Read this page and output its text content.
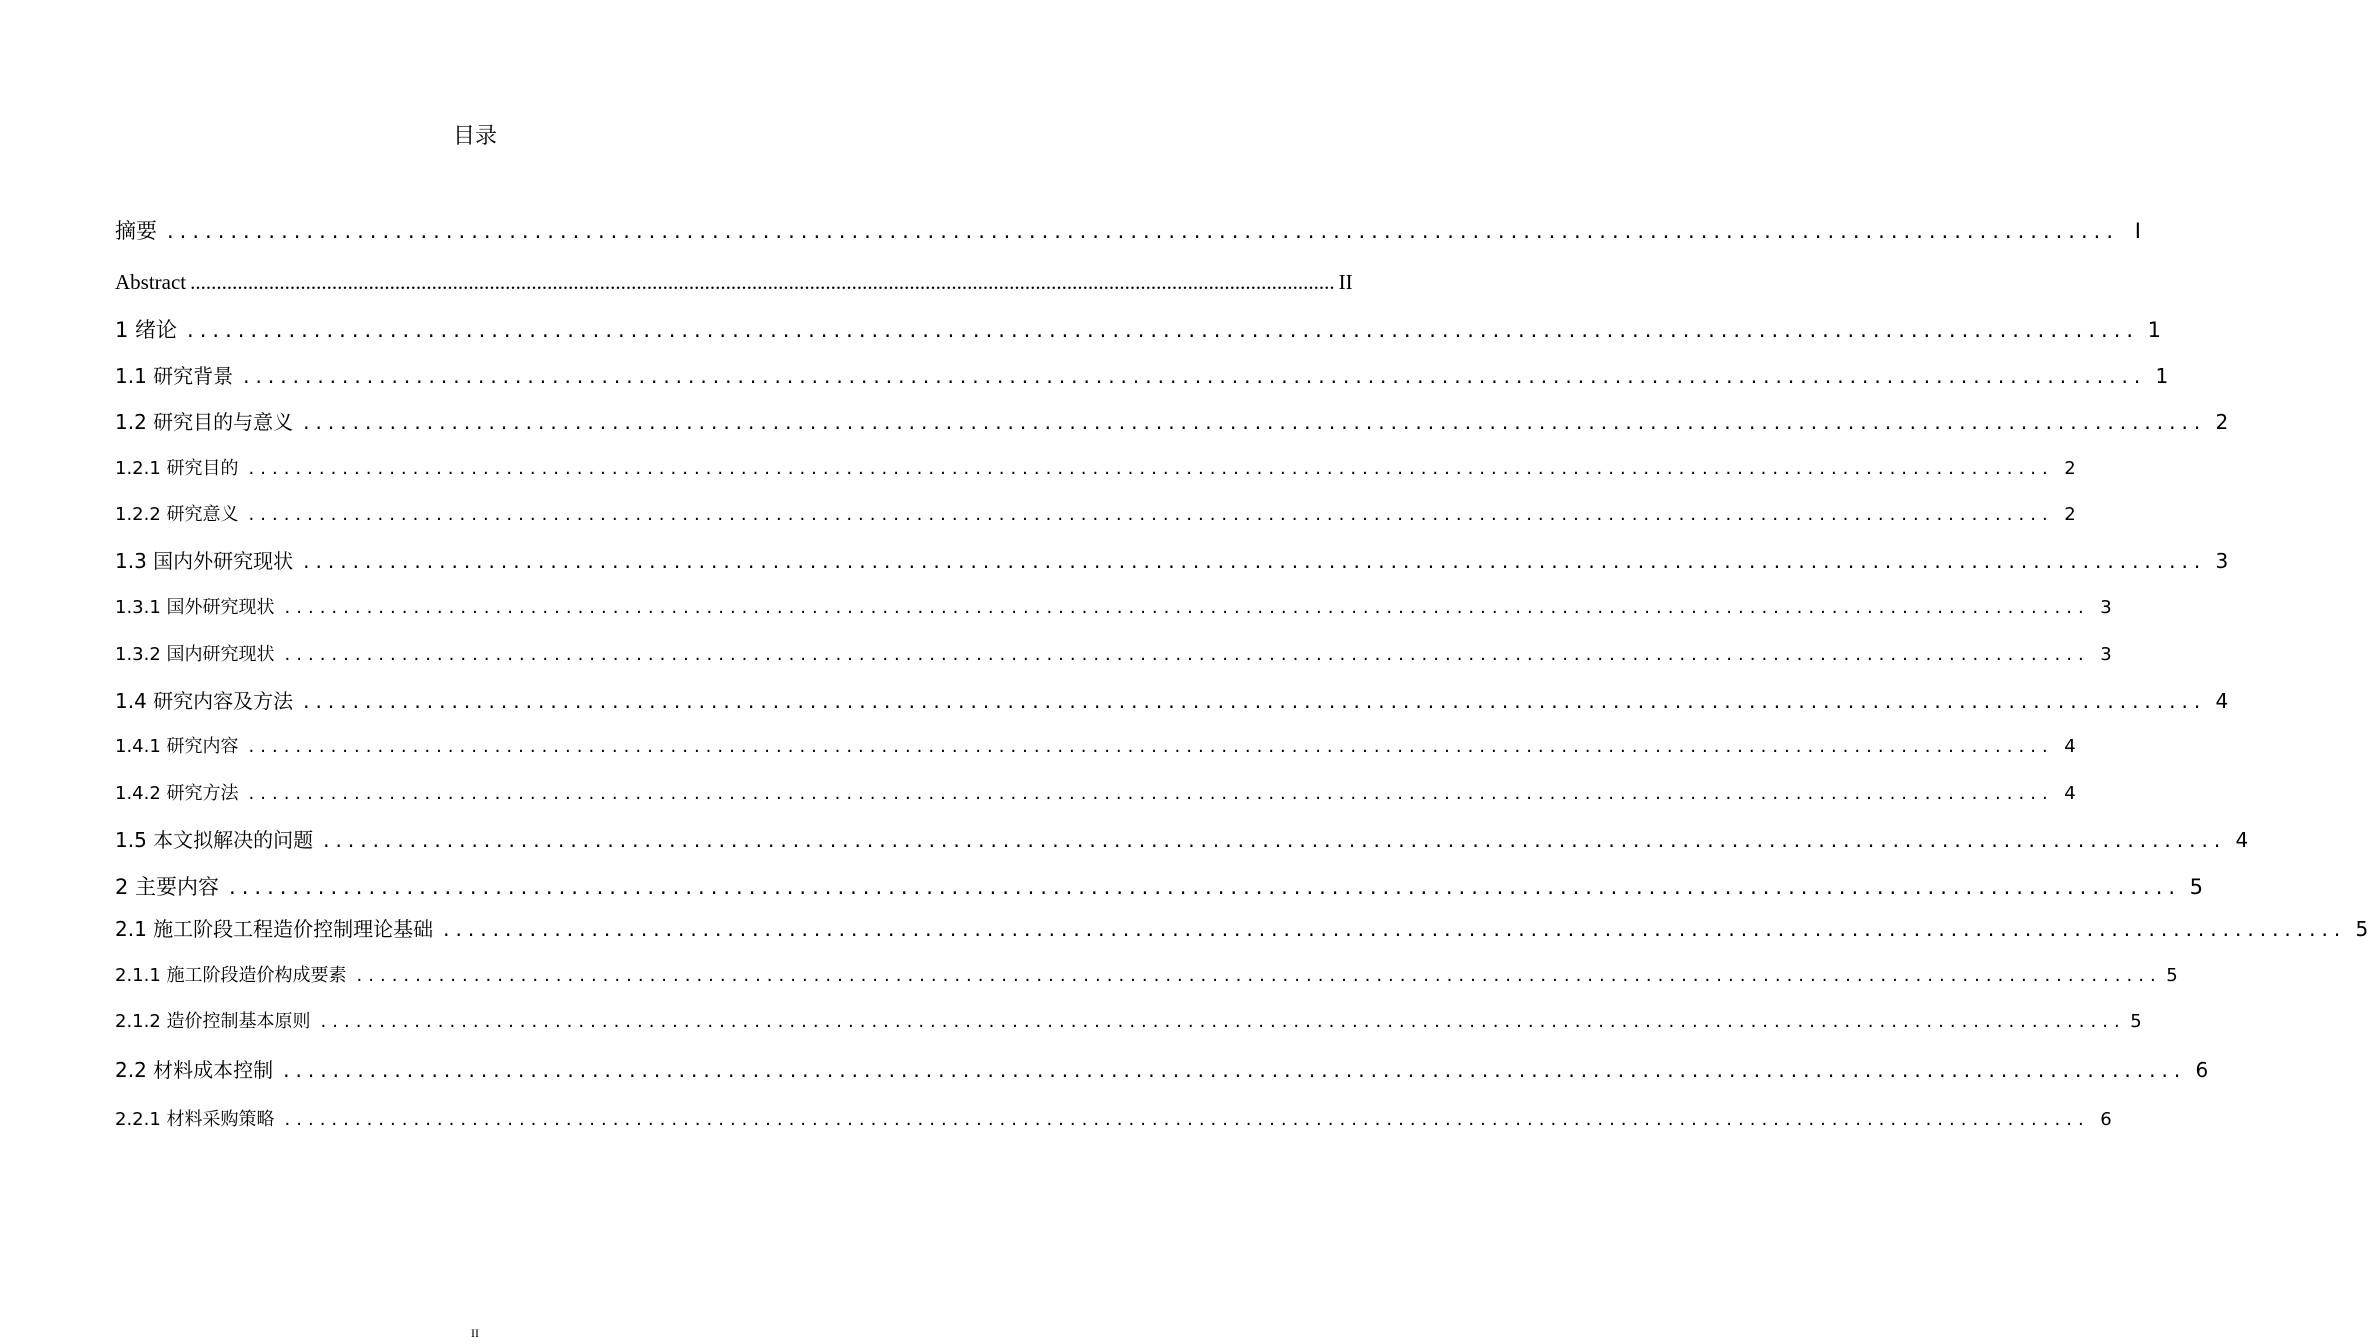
目录
摘要 .......................................................................................................................................................... Ⅰ
Abstract .......................................................................................................................................................................................................................... II
1 绪论 .......................................................................................................................................................... 1
1.1 研究背景 .......................................................................................................................................................... 1
1.2 研究目的与意义 .......................................................................................................................................................... 2
1.2.1 研究目的 .......................................................................................................................................................... 2
1.2.2 研究意义 .......................................................................................................................................................... 2
1.3 国内外研究现状 .......................................................................................................................................................... 3
1.3.1 国外研究现状 .......................................................................................................................................................... 3
1.3.2 国内研究现状 .......................................................................................................................................................... 3
1.4 研究内容及方法 .......................................................................................................................................................... 4
1.4.1 研究内容 .......................................................................................................................................................... 4
1.4.2 研究方法 .......................................................................................................................................................... 4
1.5 本文拟解决的问题 .......................................................................................................................................................... 4
2 主要内容 .......................................................................................................................................................... 5
2.1 施工阶段工程造价控制理论基础 .......................................................................................................................................................... 5
2.1.1 施工阶段造价构成要素 .......................................................................................................................................................... 5
2.1.2 造价控制基本原则 .......................................................................................................................................................... 5
2.2 材料成本控制 .......................................................................................................................................................... 6
2.2.1 材料采购策略 .......................................................................................................................................................... 6
II
